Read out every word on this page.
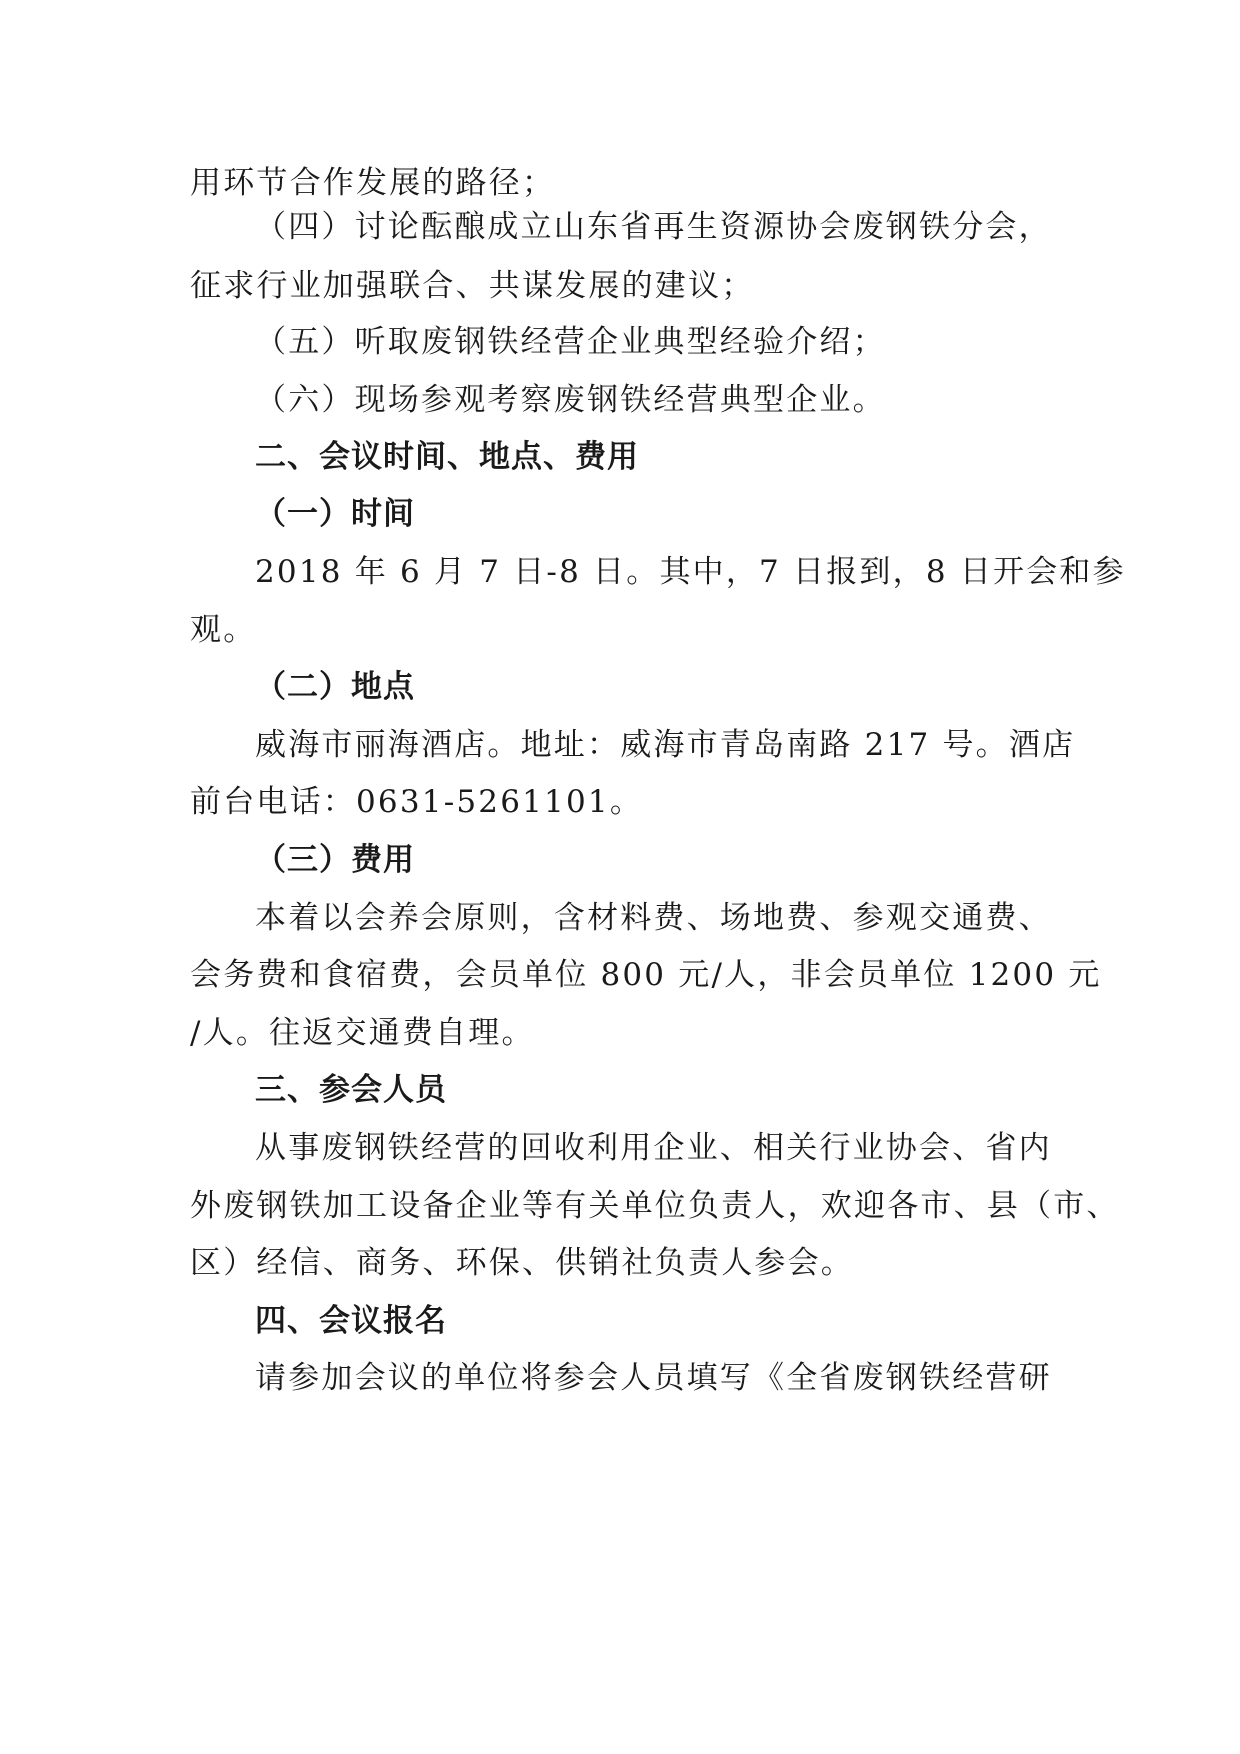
用环节合作发展的路径；
（四）讨论酝酿成立山东省再生资源协会废钢铁分会，
征求行业加强联合、共谋发展的建议；
（五）听取废钢铁经营企业典型经验介绍；
（六）现场参观考察废钢铁经营典型企业。
二、会议时间、地点、费用
（一）时间
2018 年 6 月 7 日-8 日。其中，7 日报到，8 日开会和参
观。
（二）地点
威海市丽海酒店。地址：威海市青岛南路 217 号。酒店
前台电话：0631-5261101。
（三）费用
本着以会养会原则，含材料费、场地费、参观交通费、
会务费和食宿费，会员单位 800 元/人，非会员单位 1200 元
/人。往返交通费自理。
三、参会人员
从事废钢铁经营的回收利用企业、相关行业协会、省内
外废钢铁加工设备企业等有关单位负责人，欢迎各市、县（市、
区）经信、商务、环保、供销社负责人参会。
四、会议报名
请参加会议的单位将参会人员填写《全省废钢铁经营研
